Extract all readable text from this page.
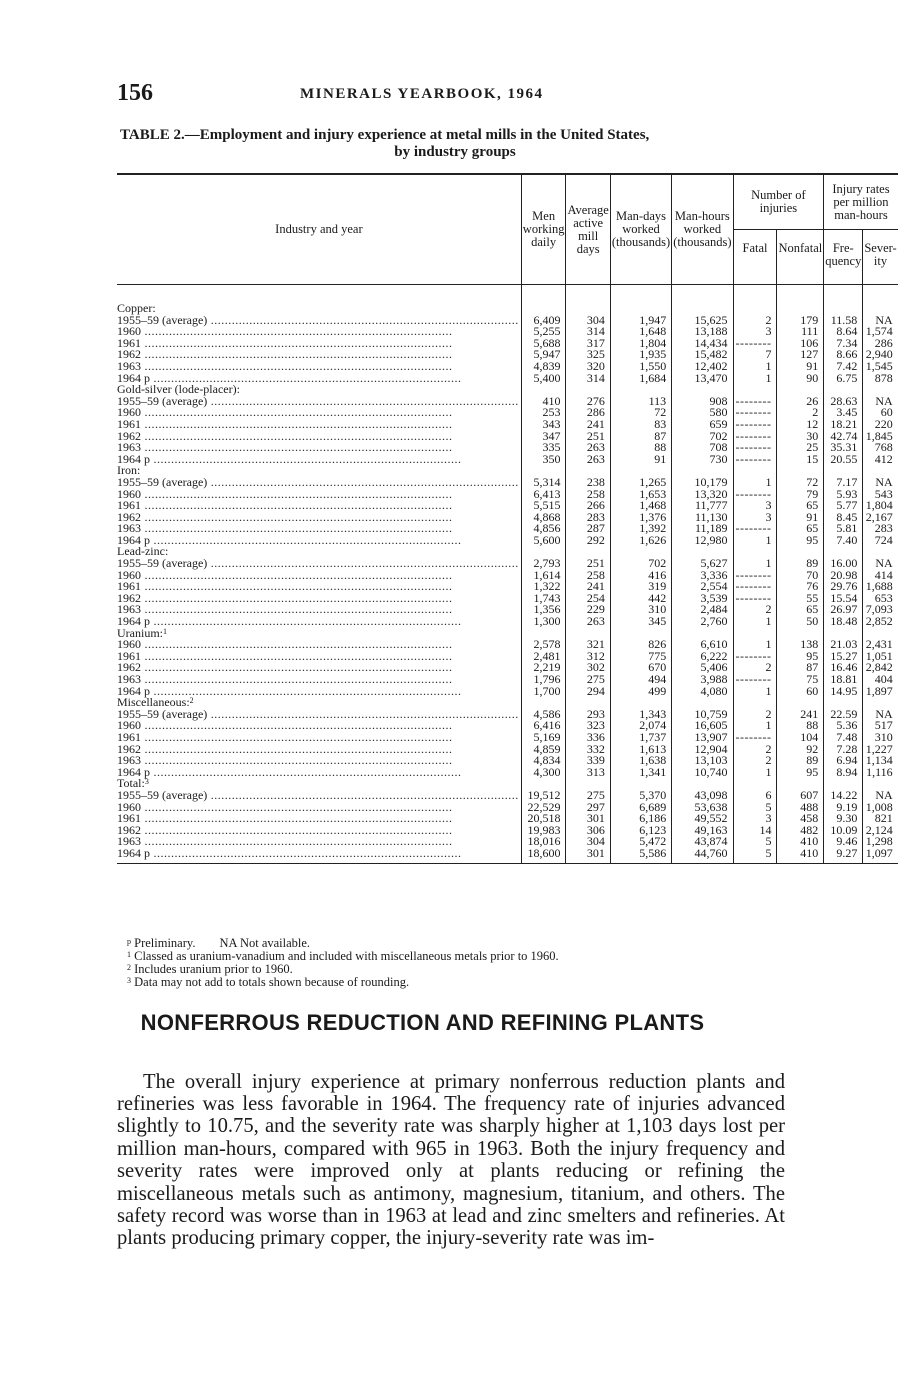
156	MINERALS YEARBOOK, 1964
TABLE 2.—Employment and injury experience at metal mills in the United States,
by industry groups
Industry and year	Men working daily	Average active mill days	Man-days worked (thousands)	Man-hours worked (thousands)	Number of injuries		Injury rates per million man-hours	
					Fatal	Nonfatal	Fre-quency	Sever-ity

Copper:								

1955–59 (average) .....	6,409	304	1,947	15,625	2	179	11.58	NA

1960 .....	5,255	314	1,648	13,188	3	111	8.64	1,574

1961 .....	5,688	317	1,804	14,434	--------	106	7.34	286

1962 .....	5,947	325	1,935	15,482	7	127	8.66	2,940

1963 .....	4,839	320	1,550	12,402	1	91	7.42	1,545

1964 p .....	5,400	314	1,684	13,470	1	90	6.75	878
Gold-silver (lode-placer):								

1955–59 (average) .....	410	276	113	908	--------	26	28.63	NA

1960 .....	253	286	72	580	--------	2	3.45	60

1961 .....	343	241	83	659	--------	12	18.21	220

1962 .....	347	251	87	702	--------	30	42.74	1,845

1963 .....	335	263	88	708	--------	25	35.31	768

1964 p .....	350	263	91	730	--------	15	20.55	412
Iron:								

1955–59 (average) .....	5,314	238	1,265	10,179	1	72	7.17	NA

1960 .....	6,413	258	1,653	13,320	--------	79	5.93	543

1961 .....	5,515	266	1,468	11,777	3	65	5.77	1,804

1962 .....	4,868	283	1,376	11,130	3	91	8.45	2,167

1963 .....	4,856	287	1,392	11,189	--------	65	5.81	283

1964 p .....	5,600	292	1,626	12,980	1	95	7.40	724
Lead-zinc:								

1955–59 (average) .....	2,793	251	702	5,627	1	89	16.00	NA

1960 .....	1,614	258	416	3,336	--------	70	20.98	414

1961 .....	1,322	241	319	2,554	--------	76	29.76	1,688

1962 .....	1,743	254	442	3,539	--------	55	15.54	653

1963 .....	1,356	229	310	2,484	2	65	26.97	7,093

1964 p .....	1,300	263	345	2,760	1	50	18.48	2,852
Uranium:$^1$								

1960 .....	2,578	321	826	6,610	1	138	21.03	2,431

1961 .....	2,481	312	775	6,222	--------	95	15.27	1,051

1962 .....	2,219	302	670	5,406	2	87	16.46	2,842

1963 .....	1,796	275	494	3,988	--------	75	18.81	404

1964 p .....	1,700	294	499	4,080	1	60	14.95	1,897
Miscellaneous:$^2$								

1955–59 (average) .....	4,586	293	1,343	10,759	2	241	22.59	NA

1960 .....	6,416	323	2,074	16,605	1	88	5.36	517

1961 .....	5,169	336	1,737	13,907	--------	104	7.48	310

1962 .....	4,859	332	1,613	12,904	2	92	7.28	1,227

1963 .....	4,834	339	1,638	13,103	2	89	6.94	1,134

1964 p .....	4,300	313	1,341	10,740	1	95	8.94	1,116
Total:$^3$								

1955–59 (average) .....	19,512	275	5,370	43,098	6	607	14.22	NA

1960 .....	22,529	297	6,689	53,638	5	488	9.19	1,008

1961 .....	20,518	301	6,186	49,552	3	458	9.30	821

1962 .....	19,983	306	6,123	49,163	14	482	10.09	2,124

1963 .....	18,016	304	5,472	43,874	5	410	9.46	1,298

1964 p .....	18,600	301	5,586	44,760	5	410	9.27	1,097
$^p$ Preliminary. NA Not available.
$^1$ Classed as uranium-vanadium and included with miscellaneous metals prior to 1960.
$^2$ Includes uranium prior to 1960.
$^3$ Data may not add to totals shown because of rounding.
NONFERROUS REDUCTION AND REFINING PLANTS

The overall injury experience at primary nonferrous reduction plants and refineries was less favorable in 1964. The frequency rate of injuries advanced slightly to 10.75, and the severity rate was sharply higher at 1,103 days lost per million man-hours, compared with 965 in 1963. Both the injury frequency and severity rates were improved only at plants reducing or refining the miscellaneous metals such as antimony, magnesium, titanium, and others. The safety record was worse than in 1963 at lead and zinc smelters and refineries. At plants producing primary copper, the injury-severity rate was im-
